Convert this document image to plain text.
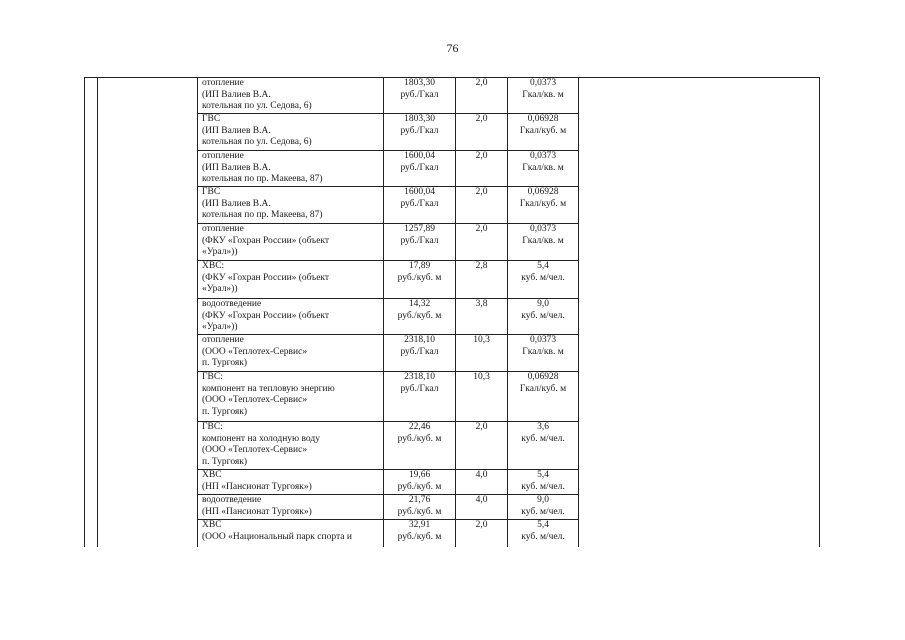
76

		отопление
(ИП Валиев В.А.
котельная по ул. Седова, 6)	1803,30
руб./Гкал	2,0	0,0373
Гкал/кв. м	

		ГВС
(ИП Валиев В.А.
котельная по ул. Седова, 6)	1803,30
руб./Гкал	2,0	0,06928
Гкал/куб. м	

		отопление
(ИП Валиев В.А.
котельная по пр. Макеева, 87)	1600,04
руб./Гкал	2,0	0,0373
Гкал/кв. м	

		ГВС
(ИП Валиев В.А.
котельная по пр. Макеева, 87)	1600,04
руб./Гкал	2,0	0,06928
Гкал/куб. м	

		отопление
(ФКУ «Гохран России» (объект
«Урал»))	1257,89
руб./Гкал	2,0	0,0373
Гкал/кв. м	

		ХВС:
(ФКУ «Гохран России» (объект
«Урал»))	17,89
руб./куб. м	2,8	5,4
куб. м/чел.	

		водоотведение
(ФКУ «Гохран России» (объект
«Урал»))	14,32
руб./куб. м	3,8	9,0
куб. м/чел.	

		отопление
(ООО «Теплотех-Сервис»
п. Тургояк)	2318,10
руб./Гкал	10,3	0,0373
Гкал/кв. м	

		ГВС:
компонент на тепловую энергию
(ООО «Теплотех-Сервис»
п. Тургояк)	2318,10
руб./Гкал	10,3	0,06928
Гкал/куб. м	

		ГВС:
компонент на холодную воду
(ООО «Теплотех-Сервис»
п. Тургояк)	22,46
руб./куб. м	2,0	3,6
куб. м/чел.	

		ХВС
(НП «Пансионат Тургояк»)	19,66
руб./куб. м	4,0	5,4
куб. м/чел.	

		водоотведение
(НП «Пансионат Тургояк»)	21,76
руб./куб. м	4,0	9,0
куб. м/чел.	

		ХВС
(ООО «Национальный парк спорта и	32,91
руб./куб. м	2,0	5,4
куб. м/чел.	
